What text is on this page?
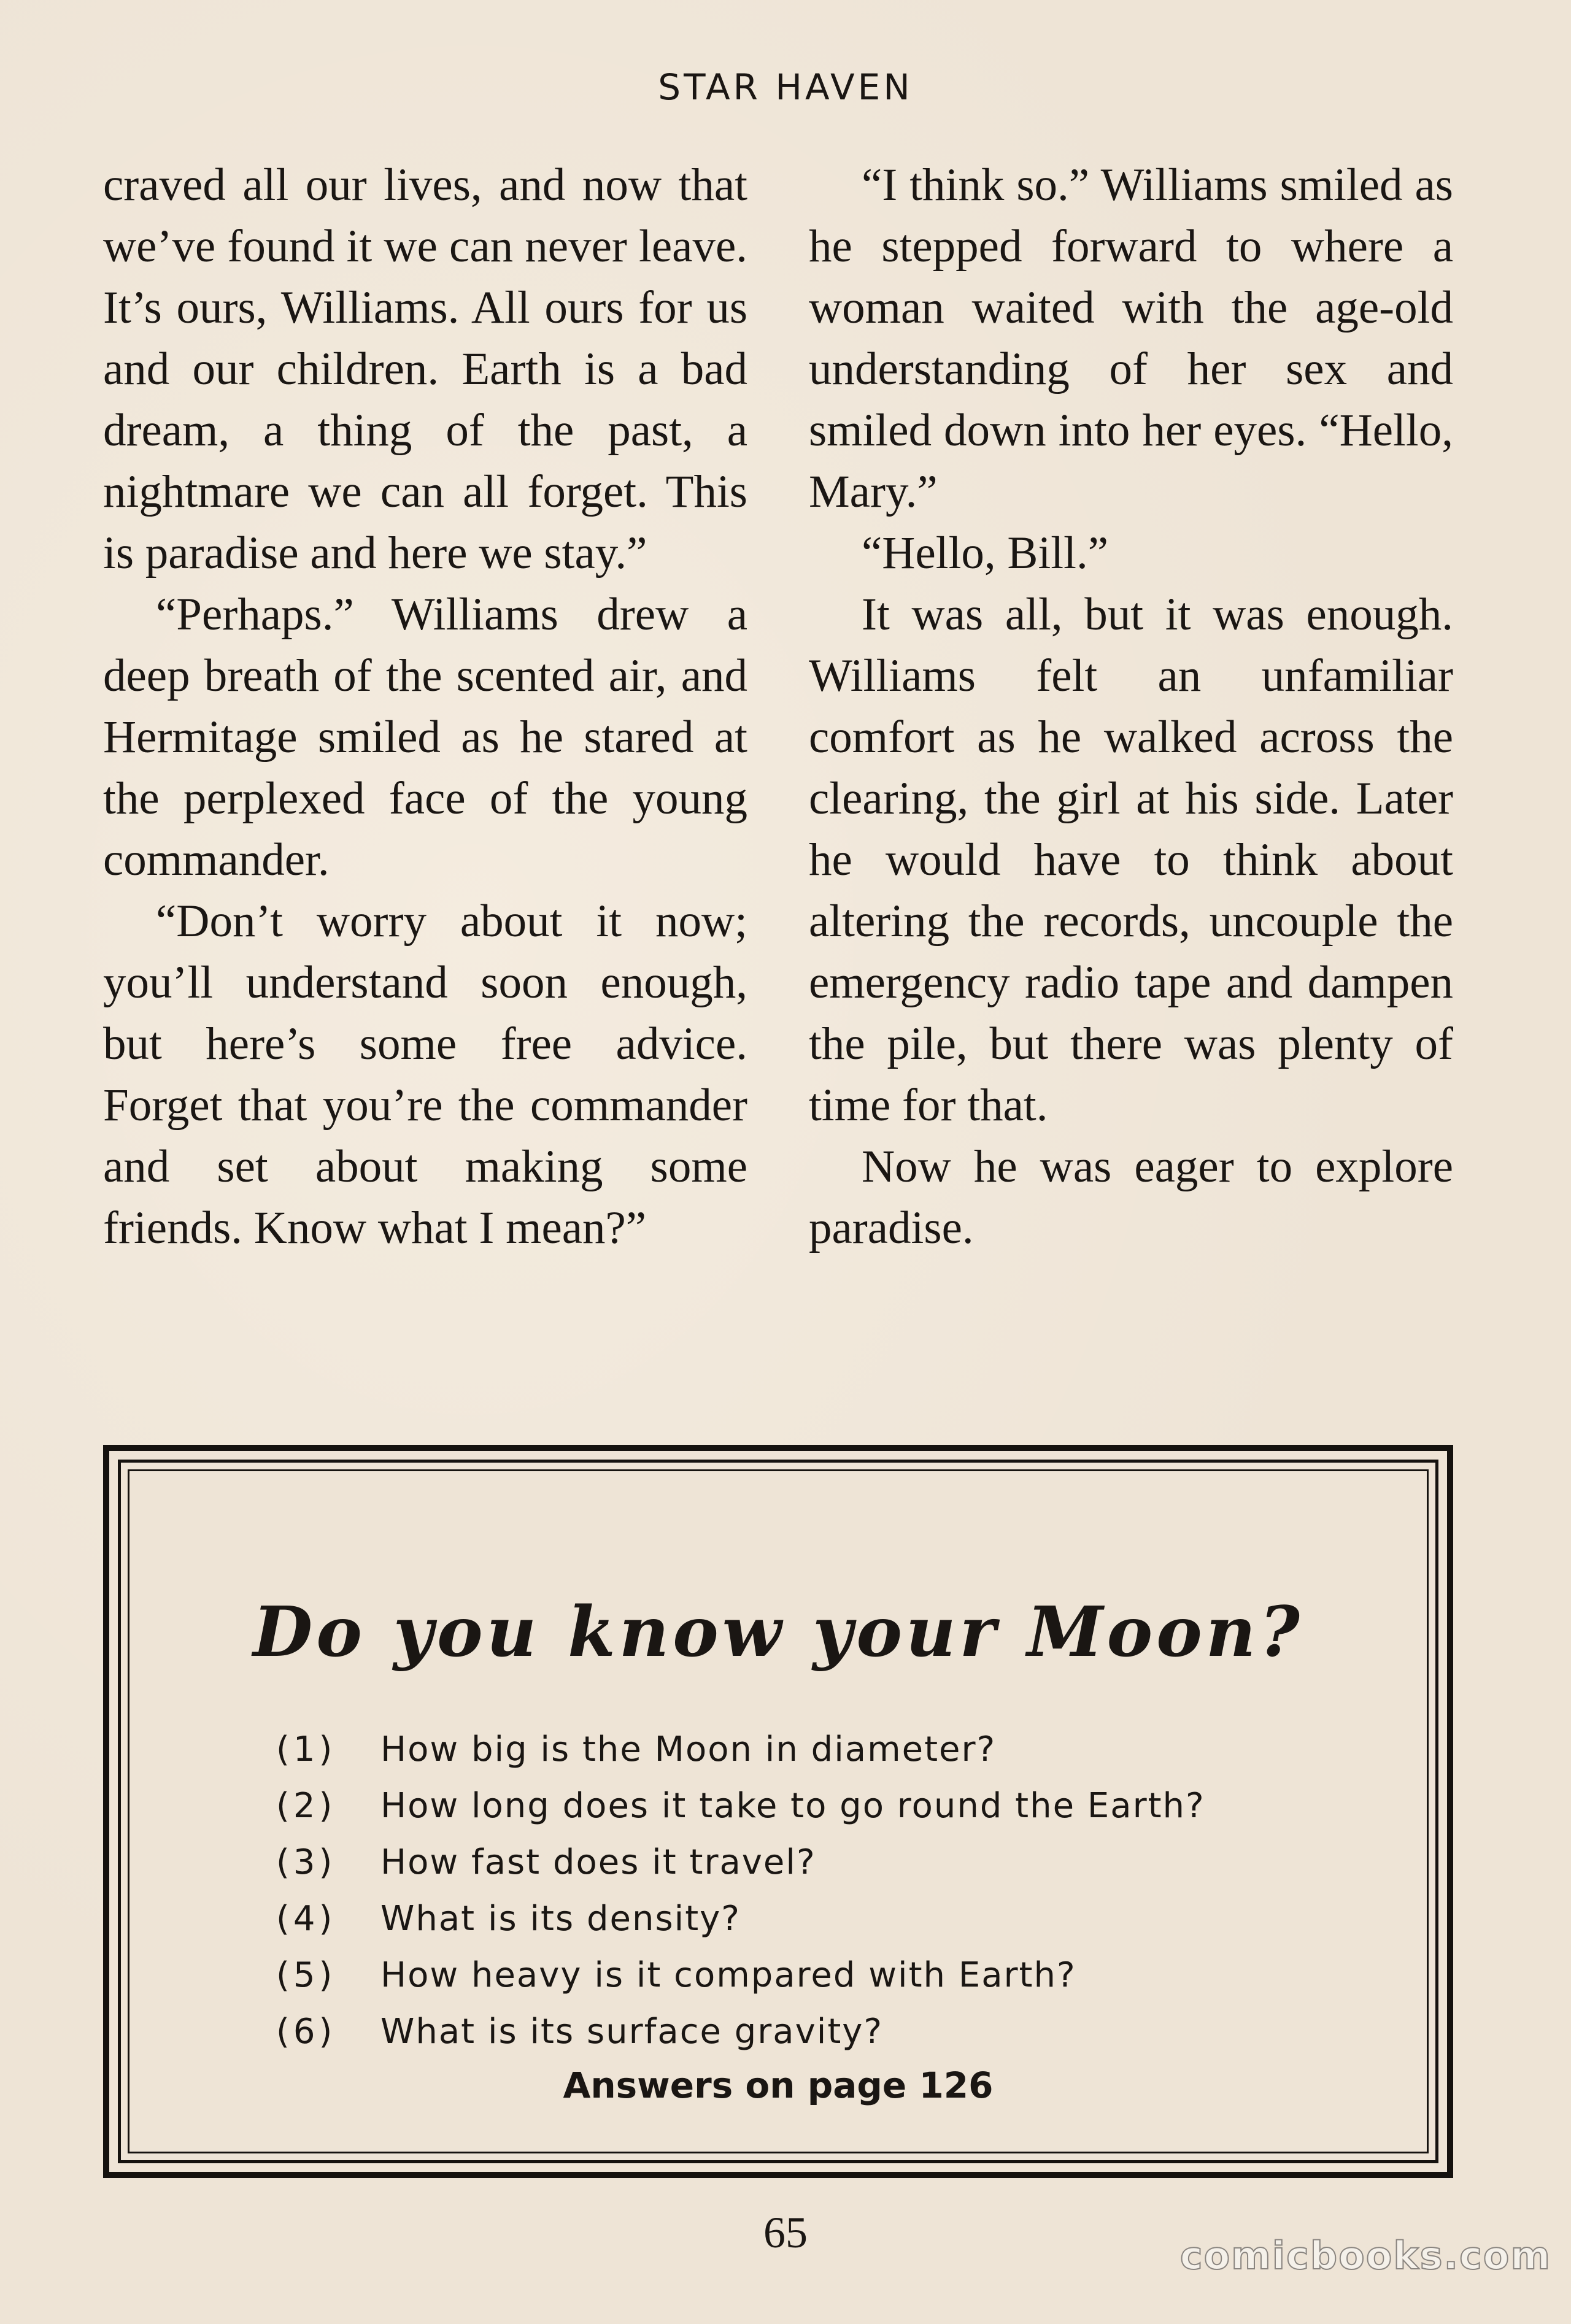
STAR HAVEN

craved all our lives, and now that we’ve found it we can never leave. It’s ours, Williams. All ours for us and our children. Earth is a bad dream, a thing of the past, a nightmare we can all forget. This is paradise and here we stay.”

“Perhaps.” Williams drew a deep breath of the scented air, and Hermitage smiled as he stared at the perplexed face of the young commander.

“Don’t worry about it now; you’ll understand soon enough, but here’s some free advice. Forget that you’re the commander and set about making some friends. Know what I mean?”

“I think so.” Williams smiled as he stepped forward to where a woman waited with the age-old understanding of her sex and smiled down into her eyes. “Hello, Mary.”

“Hello, Bill.”

It was all, but it was enough. Williams felt an unfamiliar comfort as he walked across the clearing, the girl at his side. Later he would have to think about altering the records, uncouple the emergency radio tape and dampen the pile, but there was plenty of time for that.

Now he was eager to explore paradise.

Do you know your Moon?
(1)	How big is the Moon in diameter?
(2)	How long does it take to go round the Earth?
(3)	How fast does it travel?
(4)	What is its density?
(5)	How heavy is it compared with Earth?
(6)	What is its surface gravity?
Answers on page 126
65	comicbooks.com
